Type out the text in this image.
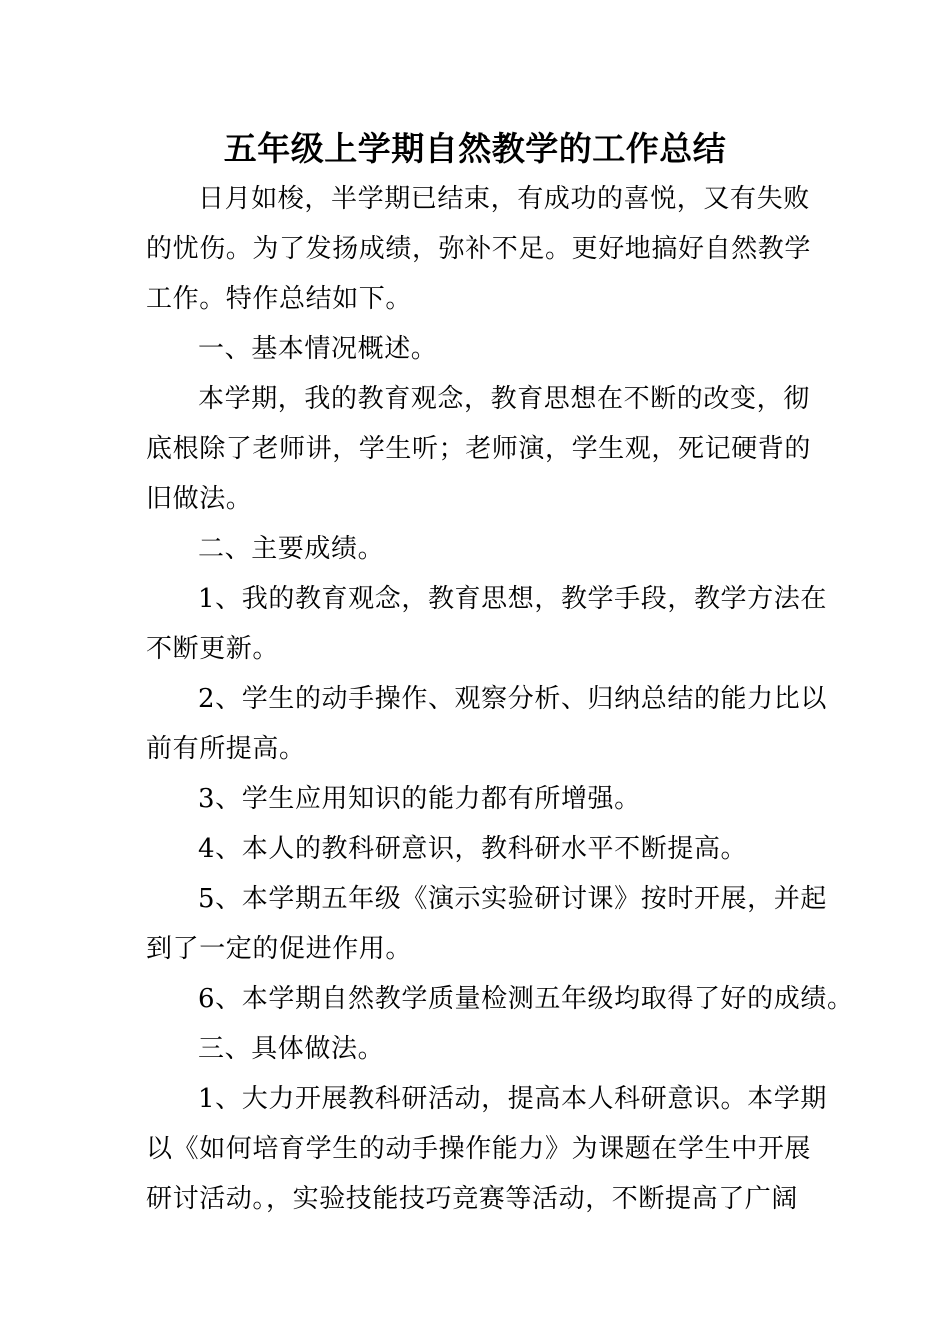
五年级上学期自然教学的工作总结

日月如梭，半学期已结束，有成功的喜悦，又有失败
的忧伤。为了发扬成绩，弥补不足。更好地搞好自然教学
工作。特作总结如下。

一、基本情况概述。

本学期，我的教育观念，教育思想在不断的改变，彻
底根除了老师讲，学生听；老师演，学生观，死记硬背的
旧做法。

二、主要成绩。

1、我的教育观念，教育思想，教学手段，教学方法在
不断更新。

2、学生的动手操作、观察分析、归纳总结的能力比以
前有所提高。

3、学生应用知识的能力都有所增强。

4、本人的教科研意识，教科研水平不断提高。

5、本学期五年级《演示实验研讨课》按时开展，并起
到了一定的促进作用。

6、本学期自然教学质量检测五年级均取得了好的成绩。

三、具体做法。

1、大力开展教科研活动，提高本人科研意识。本学期
以《如何培育学生的动手操作能力》为课题在学生中开展
研讨活动。，实验技能技巧竞赛等活动，不断提高了广阔
